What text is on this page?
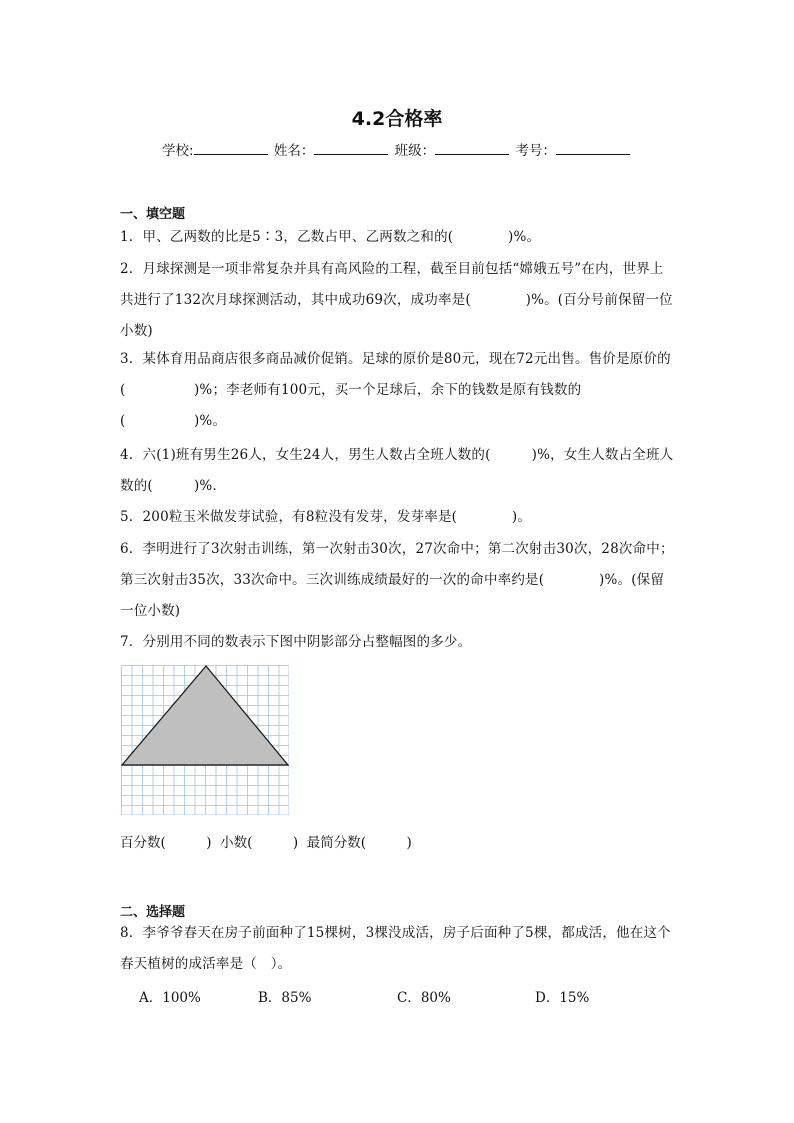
4.2合格率
学校:	姓名：	班级：	考号：
一、填空题
1．甲、乙两数的比是5∶3，乙数占甲、乙两数之和的(　　　　)%。
2．月球探测是一项非常复杂并具有高风险的工程，截至目前包括“嫦娥五号”在内，世界上共进行了132次月球探测活动，其中成功69次，成功率是(　　　　)%。(百分号前保留一位小数)
3．某体育用品商店很多商品减价促销。足球的原价是80元，现在72元出售。售价是原价的(　　　　　)%；李老师有100元，买一个足球后，余下的钱数是原有钱数的(　　　　　)%。
4．六(1)班有男生26人，女生24人，男生人数占全班人数的(　　　)%，女生人数占全班人数的(　　　)%．
5．200粒玉米做发芽试验，有8粒没有发芽，发芽率是(　　　　)。
6．李明进行了3次射击训练，第一次射击30次，27次命中；第二次射击30次，28次命中；第三次射击35次，33次命中。三次训练成绩最好的一次的命中率约是(　　　　)%。(保留一位小数)
7．分别用不同的数表示下图中阴影部分占整幅图的多少。
百分数(　　　)  小数(　　　)  最简分数(　　　)
二、选择题
8．李爷爷春天在房子前面种了15棵树，3棵没成活，房子后面种了5棵，都成活，他在这个春天植树的成活率是（　）。
A．100%	B．85%	C．80%	D．15%
